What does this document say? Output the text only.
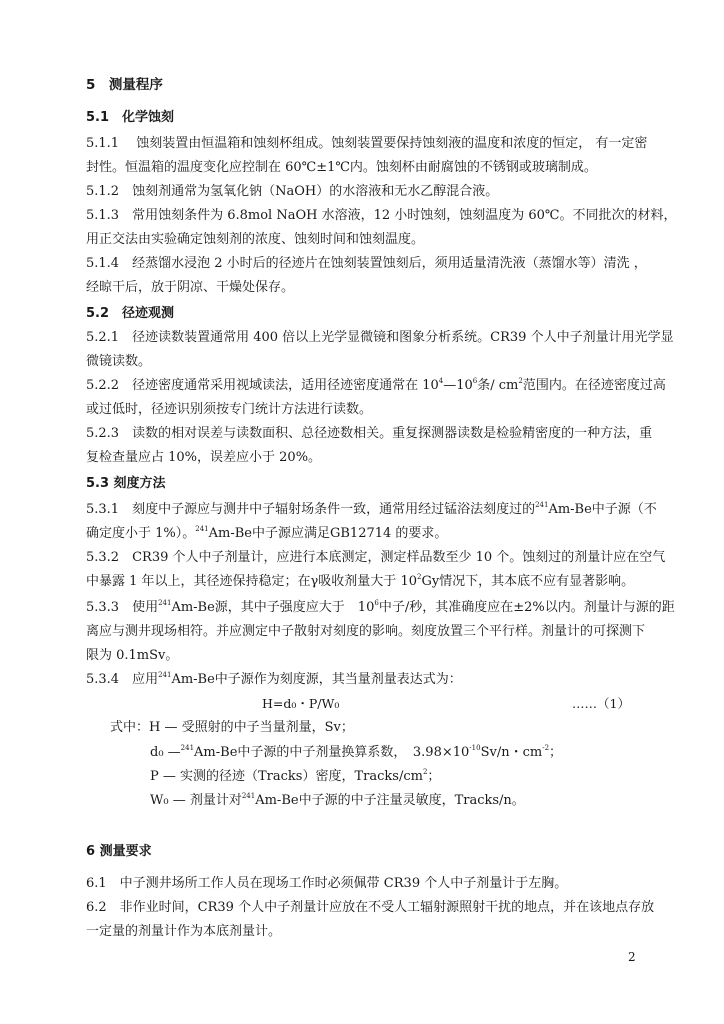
5　测量程序
5.1　化学蚀刻
5.1.1　 蚀刻装置由恒温箱和蚀刻杯组成。蚀刻装置要保持蚀刻液的温度和浓度的恒定， 有一定密
封性。恒温箱的温度变化应控制在 60℃±1℃内。蚀刻杯由耐腐蚀的不锈钢或玻璃制成。
5.1.2　蚀刻剂通常为氢氧化钠（NaOH）的水溶液和无水乙醇混合液。
5.1.3　常用蚀刻条件为 6.8mol NaOH 水溶液，12 小时蚀刻，蚀刻温度为 60℃。不同批次的材料，
用正交法由实验确定蚀刻剂的浓度、蚀刻时间和蚀刻温度。
5.1.4　经蒸馏水浸泡 2 小时后的径迹片在蚀刻装置蚀刻后，须用适量清洗液（蒸馏水等）清洗 ，
经晾干后，放于阴凉、干燥处保存。
5.2　径迹观测
5.2.1　径迹读数装置通常用 400 倍以上光学显微镜和图象分析系统。CR39 个人中子剂量计用光学显
微镜读数。
5.2.2　径迹密度通常采用视域读法，适用径迹密度通常在 $10^4—10^6$条/ $cm^2$范围内。在径迹密度过高
或过低时，径迹识别须按专门统计方法进行读数。
5.2.3　读数的相对误差与读数面积、总径迹数相关。重复探测器读数是检验精密度的一种方法，重
复检查量应占 10%，误差应小于 20%。
5.3 刻度方法
5.3.1　刻度中子源应与测井中子辐射场条件一致，通常用经过锰浴法刻度过的$^{241}$Am-Be中子源（不
确定度小于 1%）。$^{241}$Am-Be中子源应满足GB12714 的要求。
5.3.2　CR39 个人中子剂量计，应进行本底测定，测定样品数至少 10 个。蚀刻过的剂量计应在空气
中暴露 1 年以上，其径迹保持稳定；在γ吸收剂量大于 $10^2Gy$情况下，其本底不应有显著影响。
5.3.3　使用$^{241}$Am-Be源，其中子强度应大于　$10^6$中子/秒，其准确度应在±2%以内。剂量计与源的距
离应与测井现场相符。并应测定中子散射对刻度的影响。刻度放置三个平行样。剂量计的可探测下
限为 0.1mSv。
5.3.4　应用$^{241}$Am-Be中子源作为刻度源，其当量剂量表达式为：
H=d₀・P/W₀	……（1）
式中：H — 受照射的中子当量剂量，Sv；
d₀ —$^{241}$Am-Be中子源的中子剂量换算系数，　$3.98\times 10^{-10}Sv/n$・$cm^{-2}$；
P — 实测的径迹（Tracks）密度，Tracks/$cm^2$；
W₀ — 剂量计对$^{241}$Am-Be中子源的中子注量灵敏度，Tracks/n。
6 测量要求
6.1　中子测井场所工作人员在现场工作时必须佩带 CR39 个人中子剂量计于左胸。
6.2　非作业时间，CR39 个人中子剂量计应放在不受人工辐射源照射干扰的地点，并在该地点存放
一定量的剂量计作为本底剂量计。
2
